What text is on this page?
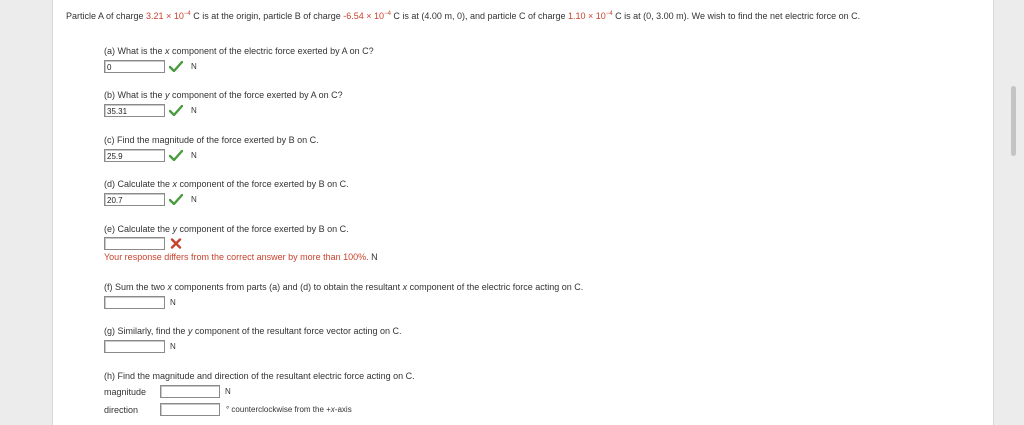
Particle A of charge $3.21 \times 10^{-4}$ C is at the origin, particle B of charge $-6.54 \times 10^{-4}$ C is at (4.00 m, 0), and particle C of charge $1.10 \times 10^{-4}$ C is at (0, 3.00 m). We wish to find the net electric force on C.
(a) What is the x component of the electric force exerted by A on C?
0	N
(b) What is the y component of the force exerted by A on C?
35.31	N
(c) Find the magnitude of the force exerted by B on C.
25.9	N
(d) Calculate the x component of the force exerted by B on C.
20.7	N
(e) Calculate the y component of the force exerted by B on C.
Your response differs from the correct answer by more than 100%. N
(f) Sum the two x components from parts (a) and (d) to obtain the resultant x component of the electric force acting on C.
N
(g) Similarly, find the y component of the resultant force vector acting on C.
N
(h) Find the magnitude and direction of the resultant electric force acting on C.
magnitude	N
direction	° counterclockwise from the +x-axis
